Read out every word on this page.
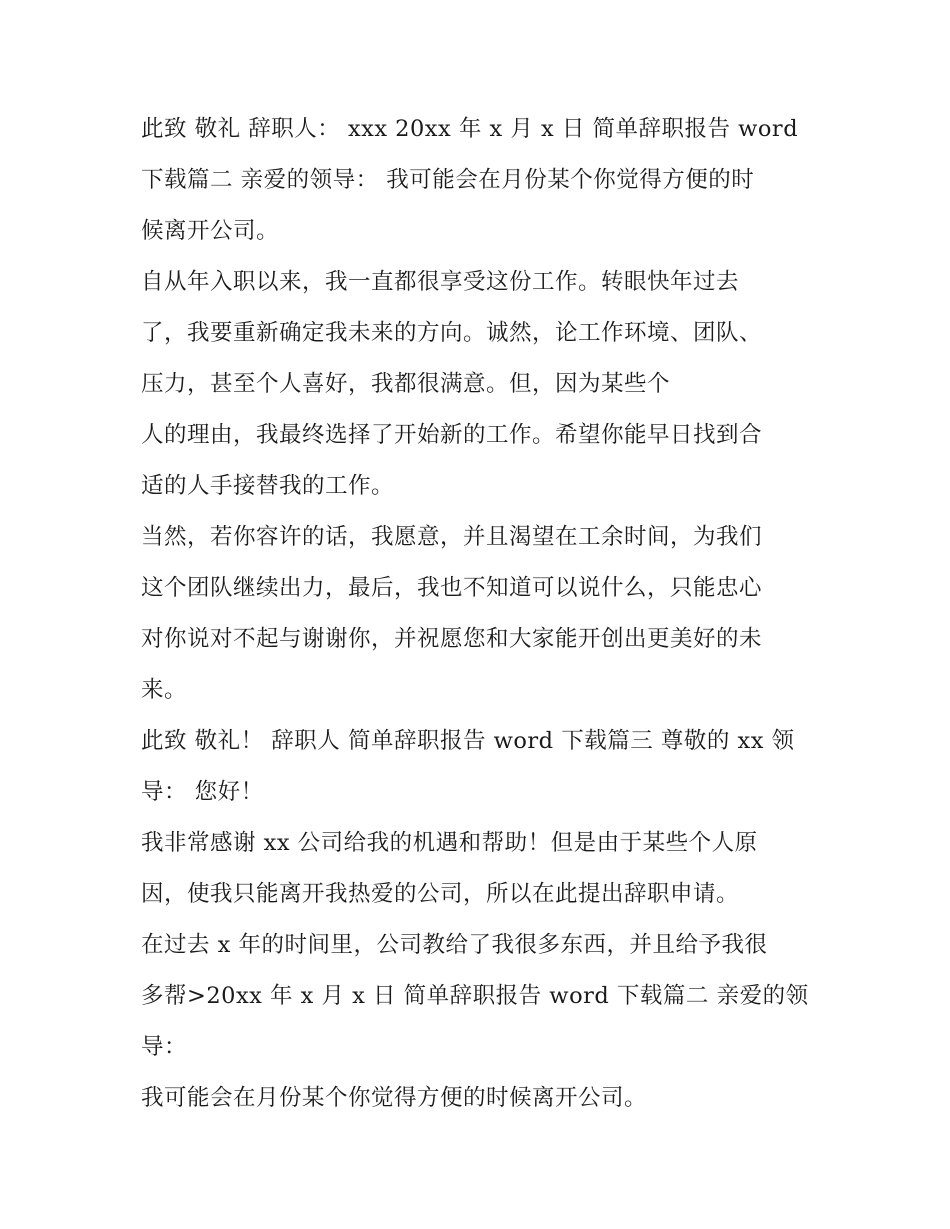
此致 敬礼 辞职人： xxx 20xx 年 x 月 x 日 简单辞职报告 word
下载篇二 亲爱的领导： 我可能会在月份某个你觉得方便的时
候离开公司。
自从年入职以来，我一直都很享受这份工作。转眼快年过去
了，我要重新确定我未来的方向。诚然，论工作环境、团队、
压力，甚至个人喜好，我都很满意。但，因为某些个
人的理由，我最终选择了开始新的工作。希望你能早日找到合
适的人手接替我的工作。
当然，若你容许的话，我愿意，并且渴望在工余时间，为我们
这个团队继续出力，最后，我也不知道可以说什么，只能忠心
对你说对不起与谢谢你，并祝愿您和大家能开创出更美好的未
来。
此致 敬礼！ 辞职人 简单辞职报告 word 下载篇三 尊敬的 xx 领
导： 您好！
我非常感谢 xx 公司给我的机遇和帮助！但是由于某些个人原
因，使我只能离开我热爱的公司，所以在此提出辞职申请。
在过去 x 年的时间里，公司教给了我很多东西，并且给予我很
多帮>20xx 年 x 月 x 日 简单辞职报告 word 下载篇二 亲爱的领
导：
我可能会在月份某个你觉得方便的时候离开公司。
